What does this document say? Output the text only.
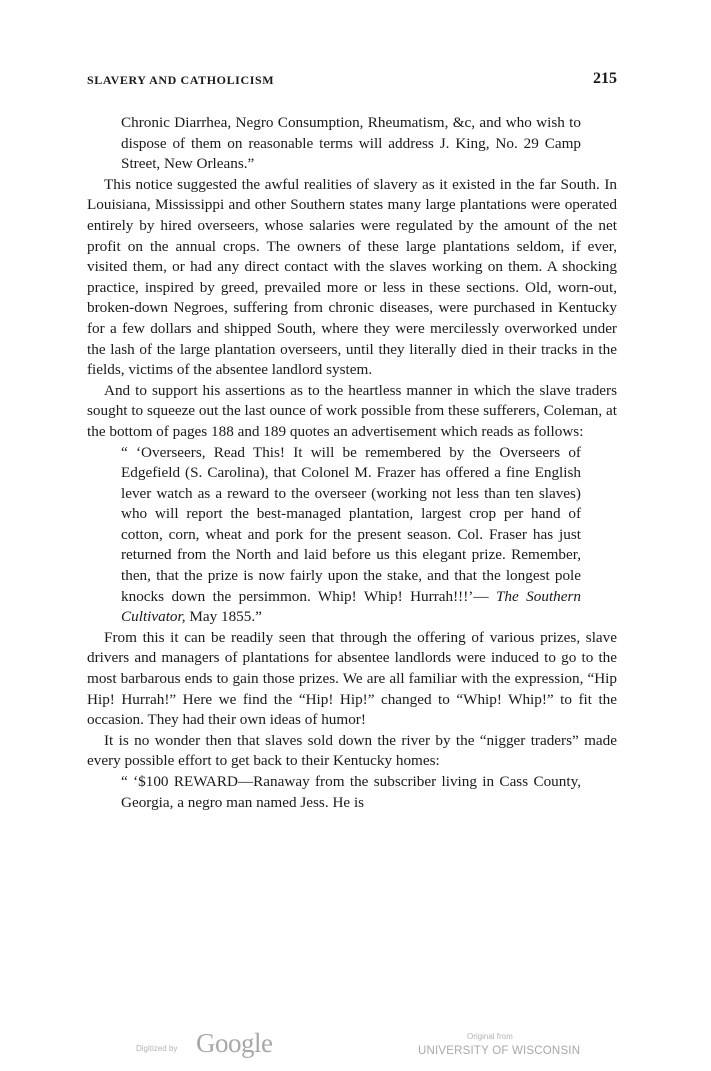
SLAVERY AND CATHOLICISM	215

Chronic Diarrhea, Negro Consumption, Rheumatism, &c, and who wish to dispose of them on reasonable terms will address J. King, No. 29 Camp Street, New Orleans.”

This notice suggested the awful realities of slavery as it existed in the far South. In Louisiana, Mississippi and other Southern states many large plantations were operated entirely by hired overseers, whose salaries were regulated by the amount of the net profit on the annual crops. The owners of these large plantations seldom, if ever, visited them, or had any direct contact with the slaves working on them. A shocking practice, inspired by greed, prevailed more or less in these sections. Old, worn-out, broken-down Negroes, suffering from chronic diseases, were purchased in Kentucky for a few dollars and shipped South, where they were mercilessly overworked under the lash of the large plantation overseers, until they literally died in their tracks in the fields, victims of the absentee landlord system.

And to support his assertions as to the heartless manner in which the slave traders sought to squeeze out the last ounce of work possible from these sufferers, Coleman, at the bottom of pages 188 and 189 quotes an advertisement which reads as follows:

“ ‘Overseers, Read This! It will be remembered by the Overseers of Edgefield (S. Carolina), that Colonel M. Frazer has offered a fine English lever watch as a reward to the overseer (working not less than ten slaves) who will report the best-managed plantation, largest crop per hand of cotton, corn, wheat and pork for the present season. Col. Fraser has just returned from the North and laid before us this elegant prize. Remember, then, that the prize is now fairly upon the stake, and that the longest pole knocks down the persimmon. Whip! Whip! Hurrah!!!’— The Southern Cultivator, May 1855.”

From this it can be readily seen that through the offering of various prizes, slave drivers and managers of plantations for absentee landlords were induced to go to the most barbarous ends to gain those prizes. We are all familiar with the expression, “Hip Hip! Hurrah!” Here we find the “Hip! Hip!” changed to “Whip! Whip!” to fit the occasion. They had their own ideas of humor!

It is no wonder then that slaves sold down the river by the “nigger traders” made every possible effort to get back to their Kentucky homes:

“ ‘$100 REWARD—Ranaway from the subscriber living in Cass County, Georgia, a negro man named Jess. He is

Digitized by Google	Original from
UNIVERSITY OF WISCONSIN
